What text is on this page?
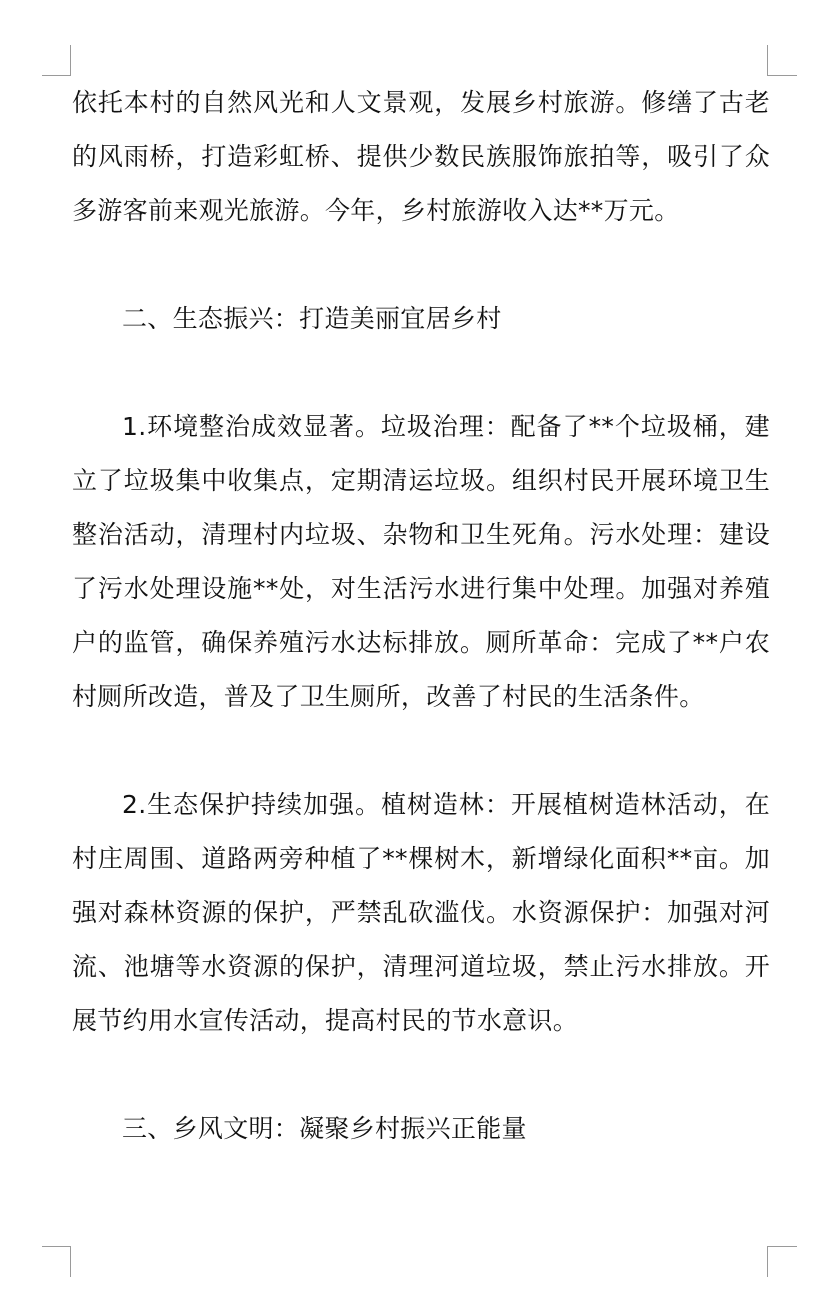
依托本村的自然风光和人文景观，发展乡村旅游。修缮了古老的风雨桥，打造彩虹桥、提供少数民族服饰旅拍等，吸引了众多游客前来观光旅游。今年，乡村旅游收入达**万元。

二、生态振兴：打造美丽宜居乡村

1.环境整治成效显著。垃圾治理：配备了**个垃圾桶，建立了垃圾集中收集点，定期清运垃圾。组织村民开展环境卫生整治活动，清理村内垃圾、杂物和卫生死角。污水处理：建设了污水处理设施**处，对生活污水进行集中处理。加强对养殖户的监管，确保养殖污水达标排放。厕所革命：完成了**户农村厕所改造，普及了卫生厕所，改善了村民的生活条件。

2.生态保护持续加强。植树造林：开展植树造林活动，在村庄周围、道路两旁种植了**棵树木，新增绿化面积**亩。加强对森林资源的保护，严禁乱砍滥伐。水资源保护：加强对河流、池塘等水资源的保护，清理河道垃圾，禁止污水排放。开展节约用水宣传活动，提高村民的节水意识。

三、乡风文明：凝聚乡村振兴正能量
